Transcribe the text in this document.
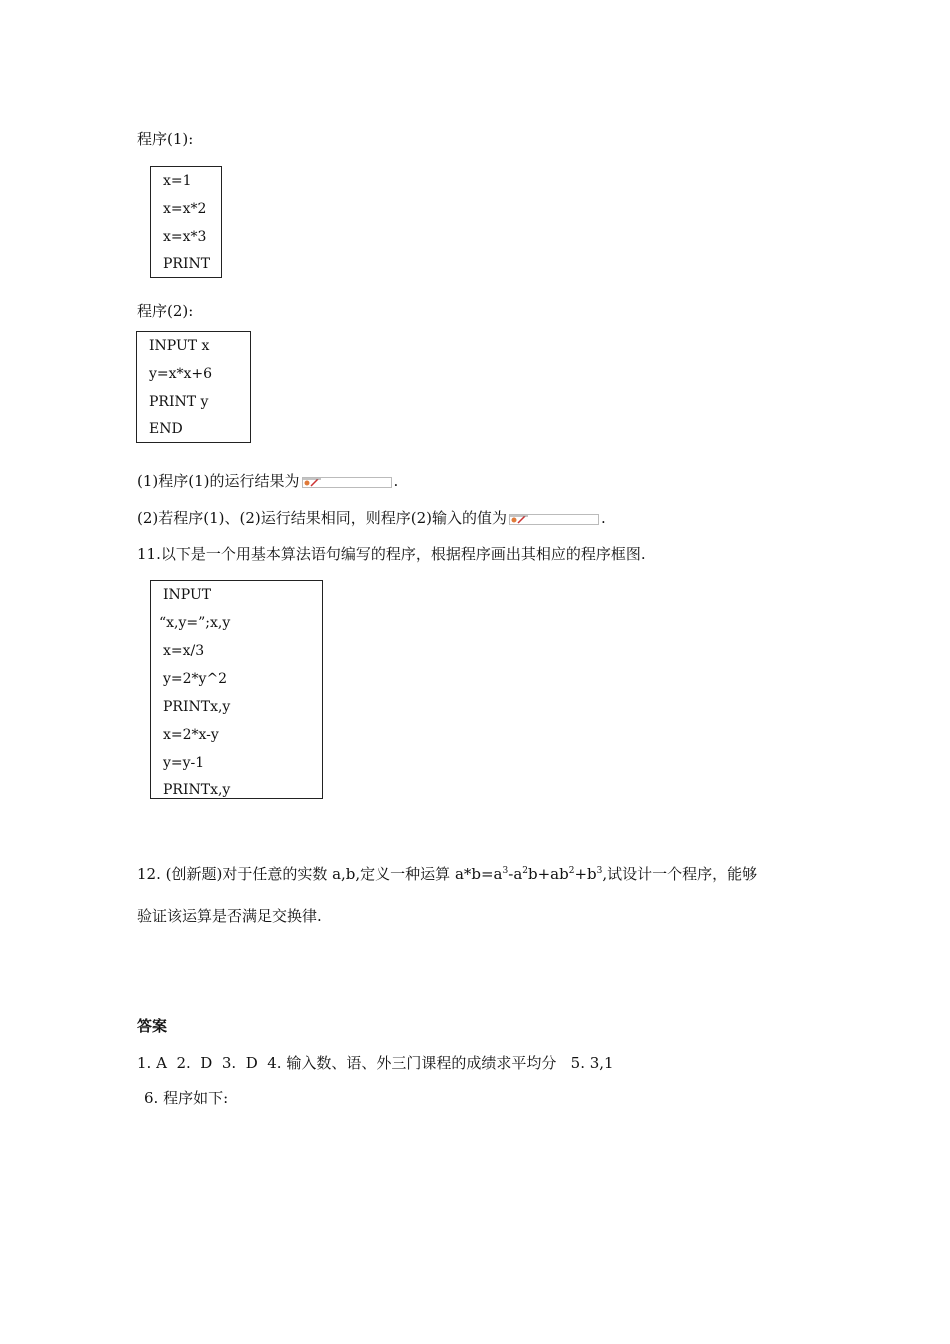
程序(1):
x=1
x=x*2
x=x*3
PRINT
程序(2):
INPUT x
y=x*x+6
PRINT y
END
(1)程序(1)的运行结果为	.
(2)若程序(1)、(2)运行结果相同，则程序(2)输入的值为	.
11.以下是一个用基本算法语句编写的程序，根据程序画出其相应的程序框图.
INPUT
“x,y=”;x,y
x=x/3
y=2*y^2
PRINTx,y
x=2*x-y
y=y-1
PRINTx,y
12. (创新题)对于任意的实数 a,b,定义一种运算 $a*b=a^3-a^2b+ab^2+b^3$,试设计一个程序，能够
验证该运算是否满足交换律.
答案
1. A  2.  D  3.  D  4. 输入数、语、外三门课程的成绩求平均分   5. 3,1
6. 程序如下:
